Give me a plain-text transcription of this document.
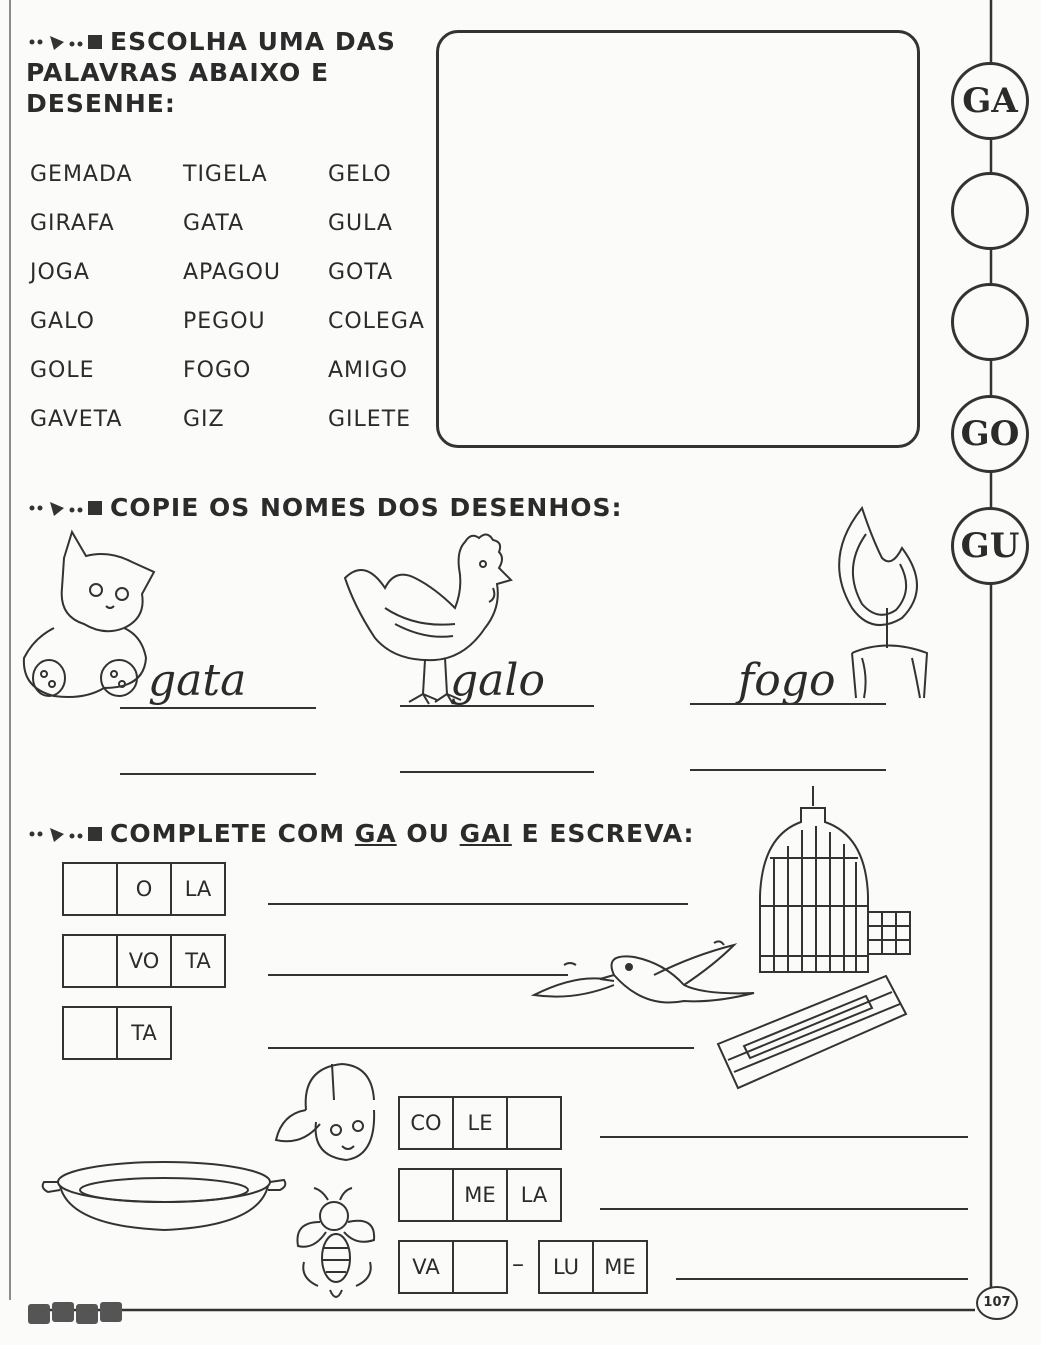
GA
GO
GU
ESCOLHA UMA DAS
PALAVRAS ABAIXO E
DESENHE:
GEMADA TIGELA	GELO
GIRAFA	GATA	GULA
JOGA	APAGOU GOTA
GALO	PEGOU	COLEGA
GOLE	FOGO	AMIGO
GAVETA	GIZ	GILETE
COPIE OS NOMES DOS DESENHOS:
gata	galo	fogo
COMPLETE COM GA OU GAI E ESCREVA:
O	LA
VO	TA
TA
CO	LE
ME	LA
VA	–	LU	ME
107
